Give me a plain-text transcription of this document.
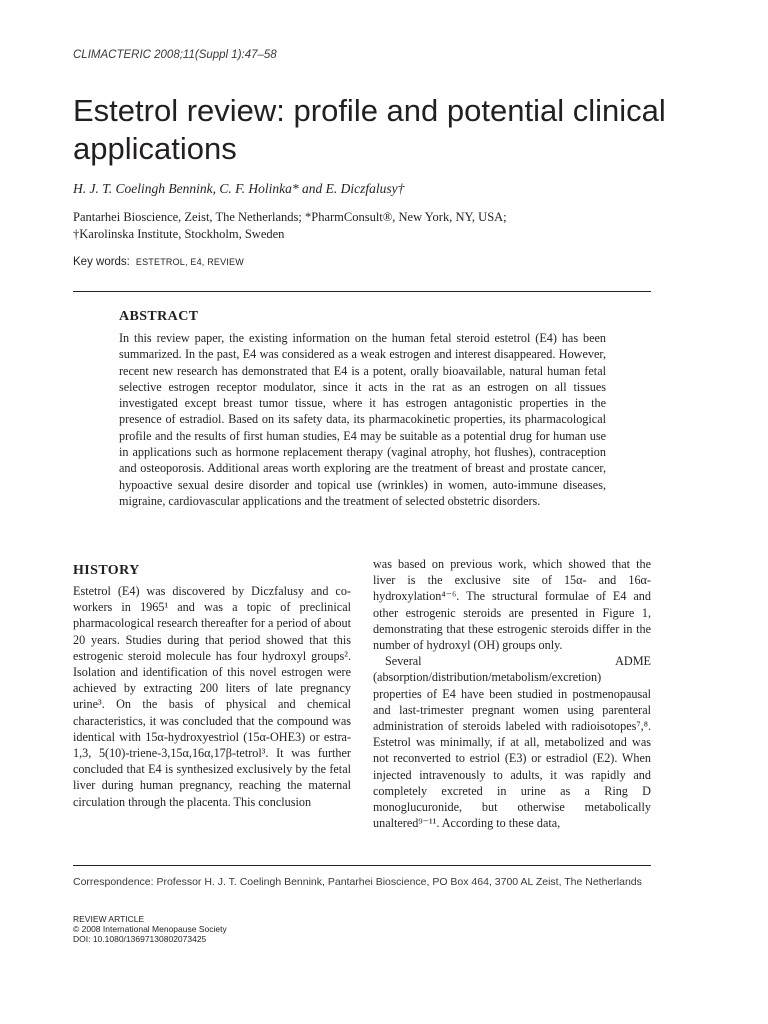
CLIMACTERIC 2008;11(Suppl 1):47–58
Estetrol review: profile and potential clinical applications
H. J. T. Coelingh Bennink, C. F. Holinka* and E. Diczfalusy†
Pantarhei Bioscience, Zeist, The Netherlands; *PharmConsult®, New York, NY, USA;
†Karolinska Institute, Stockholm, Sweden
Key words: ESTETROL, E4, REVIEW
ABSTRACT

In this review paper, the existing information on the human fetal steroid estetrol (E4) has been summarized. In the past, E4 was considered as a weak estrogen and interest disappeared. However, recent new research has demonstrated that E4 is a potent, orally bioavailable, natural human fetal selective estrogen receptor modulator, since it acts in the rat as an estrogen on all tissues investigated except breast tumor tissue, where it has estrogen antagonistic properties in the presence of estradiol. Based on its safety data, its pharmacokinetic properties, its pharmacological profile and the results of first human studies, E4 may be suitable as a potential drug for human use in applications such as hormone replacement therapy (vaginal atrophy, hot flushes), contraception and osteoporosis. Additional areas worth exploring are the treatment of breast and prostate cancer, hypoactive sexual desire disorder and topical use (wrinkles) in women, auto-immune diseases, migraine, cardiovascular applications and the treatment of selected obstetric disorders.

HISTORY

Estetrol (E4) was discovered by Diczfalusy and co-workers in 1965¹ and was a topic of preclinical pharmacological research thereafter for a period of about 20 years. Studies during that period showed that this estrogenic steroid molecule has four hydroxyl groups². Isolation and identification of this novel estrogen were achieved by extracting 200 liters of late pregnancy urine³. On the basis of physical and chemical characteristics, it was concluded that the compound was identical with 15α-hydroxyestriol (15α-OHE3) or estra-1,3, 5(10)-triene-3,15α,16α,17β-tetrol³. It was further concluded that E4 is synthesized exclusively by the fetal liver during human pregnancy, reaching the maternal circulation through the placenta. This conclusion

was based on previous work, which showed that the liver is the exclusive site of 15α- and 16α-hydroxylation⁴⁻⁶. The structural formulae of E4 and other estrogenic steroids are presented in Figure 1, demonstrating that these estrogenic steroids differ in the number of hydroxyl (OH) groups only.
Several ADME (absorption/distribution/metabolism/excretion) properties of E4 have been studied in postmenopausal and last-trimester pregnant women using parenteral administration of steroids labeled with radioisotopes⁷,⁸. Estetrol was minimally, if at all, metabolized and was not reconverted to estriol (E3) or estradiol (E2). When injected intravenously to adults, it was rapidly and completely excreted in urine as a Ring D monoglucuronide, but otherwise metabolically unaltered⁹⁻¹¹. According to these data,
Correspondence: Professor H. J. T. Coelingh Bennink, Pantarhei Bioscience, PO Box 464, 3700 AL Zeist, The Netherlands
REVIEW ARTICLE
© 2008 International Menopause Society
DOI: 10.1080/13697130802073425
